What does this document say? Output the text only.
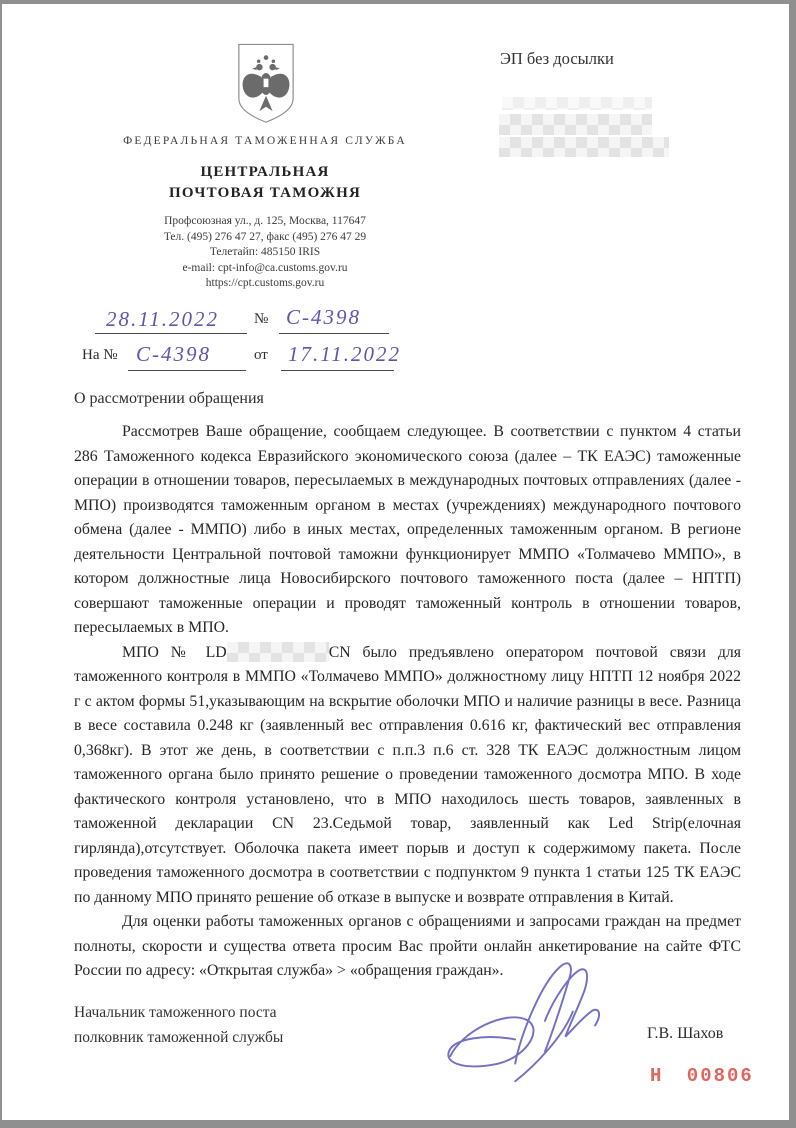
ФЕДЕРАЛЬНАЯ ТАМОЖЕННАЯ СЛУЖБА
ЦЕНТРАЛЬНАЯ
ПОЧТОВАЯ ТАМОЖНЯ
Профсоюзная ул., д. 125, Москва, 117647
Тел. (495) 276 47 27, факс (495) 276 47 29
Телетайп: 485150 IRIS
e-mail: cpt-info@ca.customs.gov.ru
https://cpt.customs.gov.ru
ЭП без досылки
28.11.2022 № С-4398
На № С-4398	от 17.11.2022
О рассмотрении обращения

Рассмотрев Ваше обращение, сообщаем следующее. В соответствии с пунктом 4 статьи 286 Таможенного кодекса Евразийского экономического союза (далее – ТК ЕАЭС) таможенные операции в отношении товаров, пересылаемых в международных почтовых отправлениях (далее - МПО) производятся таможенным органом в местах (учреждениях) международного почтового обмена (далее - ММПО) либо в иных местах, определенных таможенным органом. В регионе деятельности Центральной почтовой таможни функционирует ММПО «Толмачево ММПО», в котором должностные лица Новосибирского почтового таможенного поста (далее – НПТП) совершают таможенные операции и проводят таможенный контроль в отношении товаров, пересылаемых в МПО.

МПО № LD	CN было предъявлено оператором почтовой связи для таможенного контроля в ММПО «Толмачево ММПО» должностному лицу НПТП 12 ноября 2022 г с актом формы 51,указывающим на вскрытие оболочки МПО и наличие разницы в весе. Разница в весе составила 0.248 кг (заявленный вес отправления 0.616 кг, фактический вес отправления 0,368кг). В этот же день, в соответствии с п.п.3 п.6 ст. 328 ТК ЕАЭС должностным лицом таможенного органа было принято решение о проведении таможенного досмотра МПО. В ходе фактического контроля установлено, что в МПО находилось шесть товаров, заявленных в таможенной декларации CN 23.Седьмой товар, заявленный как Led Strip(елочная гирлянда),отсутствует. Оболочка пакета имеет порыв и доступ к содержимому пакета. После проведения таможенного досмотра в соответствии с подпунктом 9 пункта 1 статьи 125 ТК ЕАЭС по данному МПО принято решение об отказе в выпуске и возврате отправления в Китай.

Для оценки работы таможенных органов с обращениями и запросами граждан на предмет полноты, скорости и существа ответа просим Вас пройти онлайн анкетирование на сайте ФТС России по адресу: «Открытая служба» > «обращения граждан».

Начальник таможенного поста
полковник таможенной службы	Г.В. Шахов
Н 00806
